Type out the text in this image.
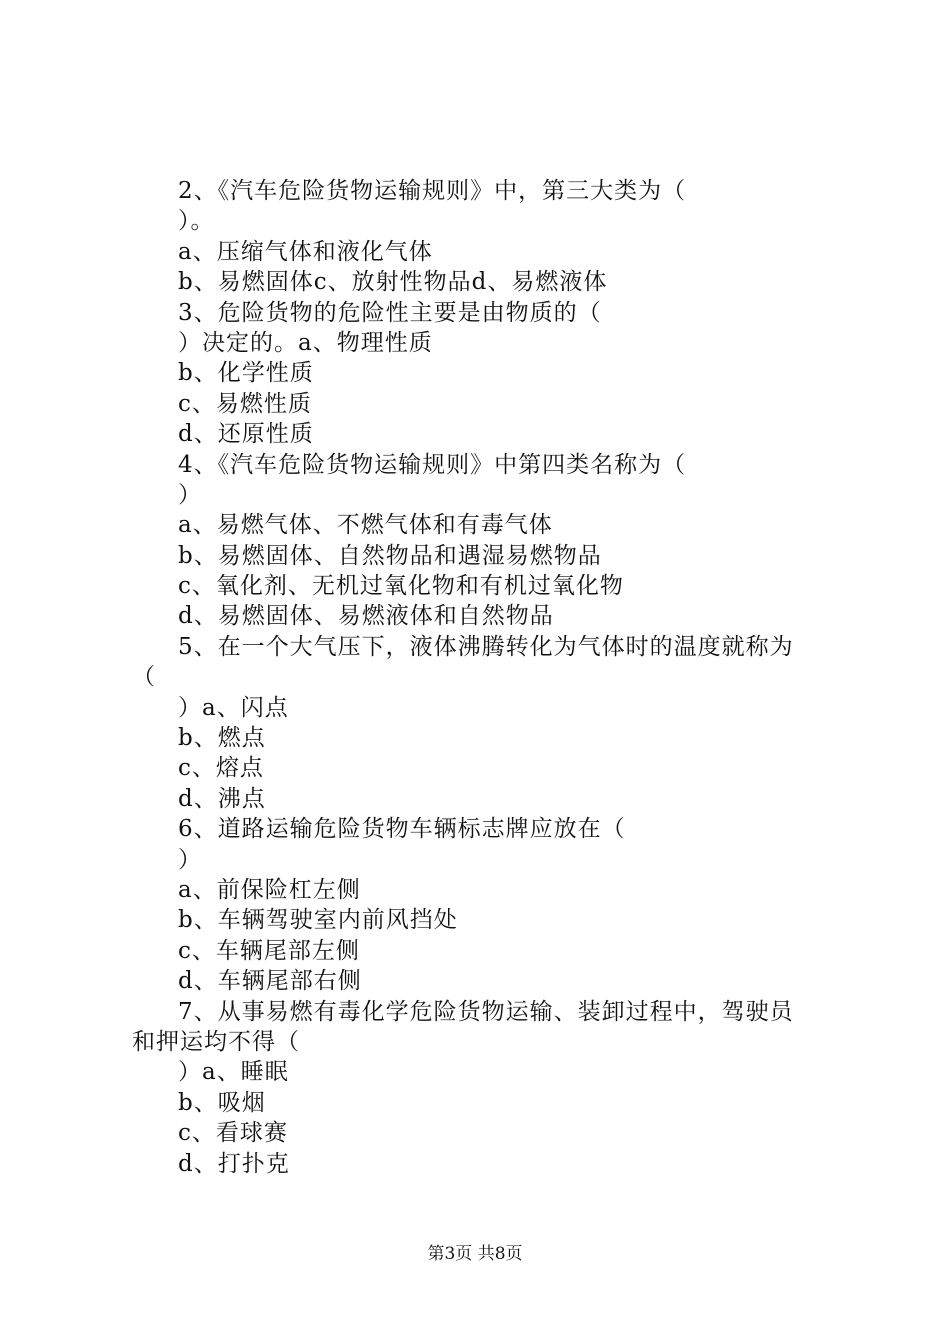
2、《汽车危险货物运输规则》中，第三大类为（
）。
a、压缩气体和液化气体
b、易燃固体c、放射性物品d、易燃液体
3、危险货物的危险性主要是由物质的（
）决定的。a、物理性质
b、化学性质
c、易燃性质
d、还原性质
4、《汽车危险货物运输规则》中第四类名称为（
）
a、易燃气体、不燃气体和有毒气体
b、易燃固体、自然物品和遇湿易燃物品
c、氧化剂、无机过氧化物和有机过氧化物
d、易燃固体、易燃液体和自然物品
5、在一个大气压下，液体沸腾转化为气体时的温度就称为
（
）a、闪点
b、燃点
c、熔点
d、沸点
6、道路运输危险货物车辆标志牌应放在（
）
a、前保险杠左侧
b、车辆驾驶室内前风挡处
c、车辆尾部左侧
d、车辆尾部右侧
7、从事易燃有毒化学危险货物运输、装卸过程中，驾驶员
和押运均不得（
）a、睡眠
b、吸烟
c、看球赛
d、打扑克
第3页 共8页
